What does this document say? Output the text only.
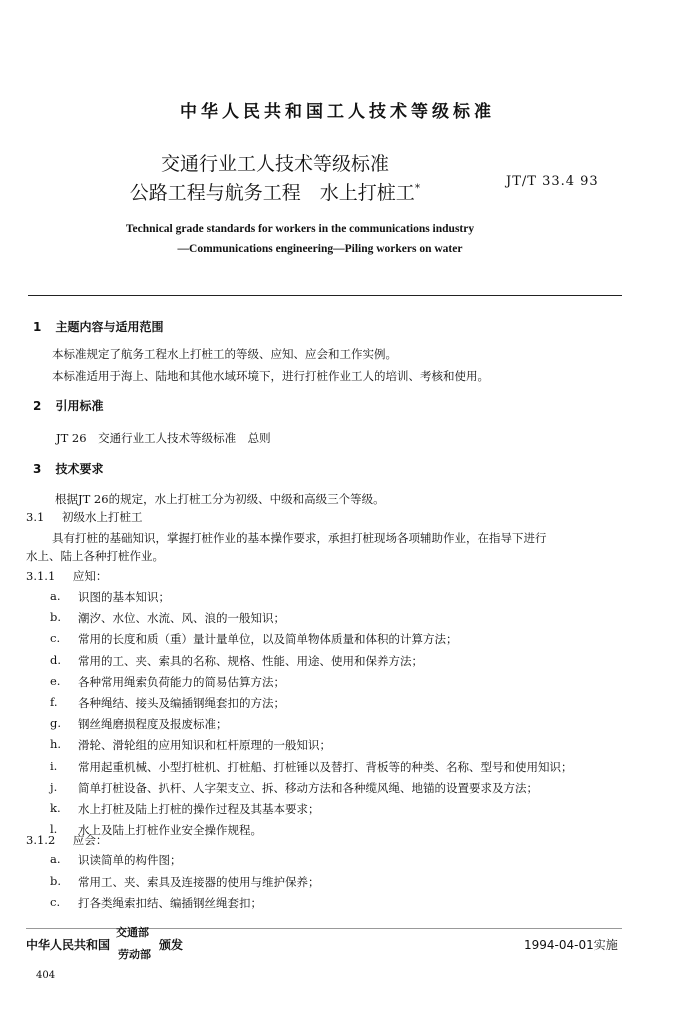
中华人民共和国工人技术等级标准
交通行业工人技术等级标准
公路工程与航务工程　水上打桩工*	JT/T 33.4 93
Technical grade standards for workers in the communications industry
—Communications engineering—Piling workers on water
1 主题内容与适用范围
本标准规定了航务工程水上打桩工的等级、应知、应会和工作实例。
本标准适用于海上、陆地和其他水域环境下，进行打桩作业工人的培训、考核和使用。
2 引用标准
JT 26　交通行业工人技术等级标准　总则
3 技术要求
根据JT 26的规定，水上打桩工分为初级、中级和高级三个等级。
3.1 初级水上打桩工
具有打桩的基础知识，掌握打桩作业的基本操作要求，承担打桩现场各项辅助作业，在指导下进行
水上、陆上各种打桩作业。
3.1.1 应知：
a.	识图的基本知识；
b.	潮汐、水位、水流、风、浪的一般知识；
c.	常用的长度和质（重）量计量单位，以及简单物体质量和体积的计算方法；
d.	常用的工、夹、索具的名称、规格、性能、用途、使用和保养方法；
e.	各种常用绳索负荷能力的简易估算方法；
f.	各种绳结、接头及编插钢绳套扣的方法；
g.	钢丝绳磨损程度及报废标准；
h.	滑轮、滑轮组的应用知识和杠杆原理的一般知识；
i.	常用起重机械、小型打桩机、打桩船、打桩锤以及替打、背板等的种类、名称、型号和使用知识；
j.	简单打桩设备、扒杆、人字架支立、拆、移动方法和各种缆风绳、地锚的设置要求及方法；
k.	水上打桩及陆上打桩的操作过程及其基本要求；
l.	水上及陆上打桩作业安全操作规程。
3.1.2 应会：
a.	识读简单的构件图；
b.	常用工、夹、索具及连接器的使用与维护保养；
c.	打各类绳索扣结、编插钢丝绳套扣；
中华人民共和国
交通部
劳动部
颁发	1994-04-01实施
404
